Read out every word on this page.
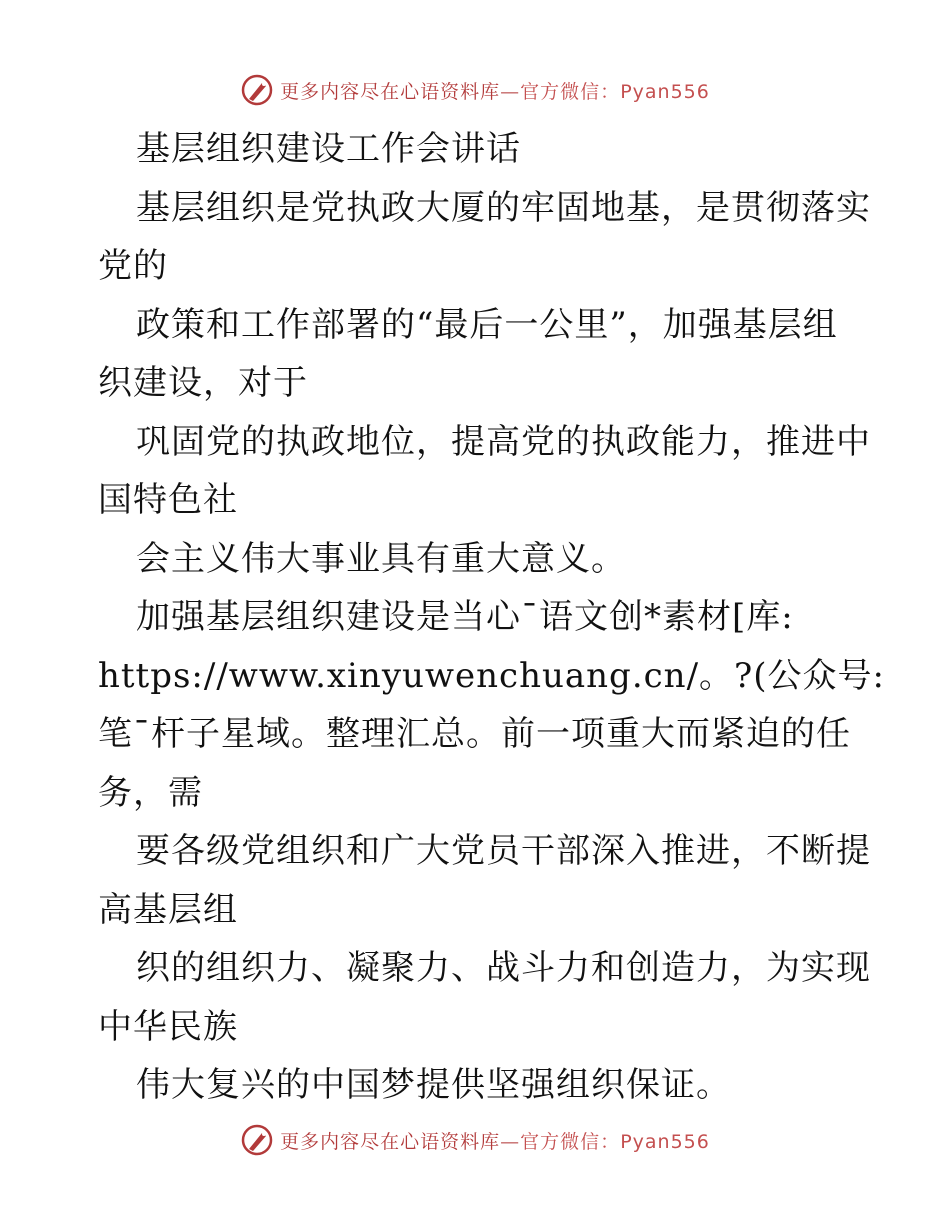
更多内容尽在心语资料库—官方微信：Pyan556
基层组织建设工作会讲话
基层组织是党执政大厦的牢固地基，是贯彻落实
党的
政策和工作部署的“最后一公里”，加强基层组
织建设，对于
巩固党的执政地位，提高党的执政能力，推进中
国特色社
会主义伟大事业具有重大意义。
加强基层组织建设是当心¯语文创*素材[库:
https://www.xinyuwenchuang.cn/。?(公众号:
笔¯杆子星域。整理汇总。前一项重大而紧迫的任
务，需
要各级党组织和广大党员干部深入推进，不断提
高基层组
织的组织力、凝聚力、战斗力和创造力，为实现
中华民族
伟大复兴的中国梦提供坚强组织保证。
更多内容尽在心语资料库—官方微信：Pyan556
